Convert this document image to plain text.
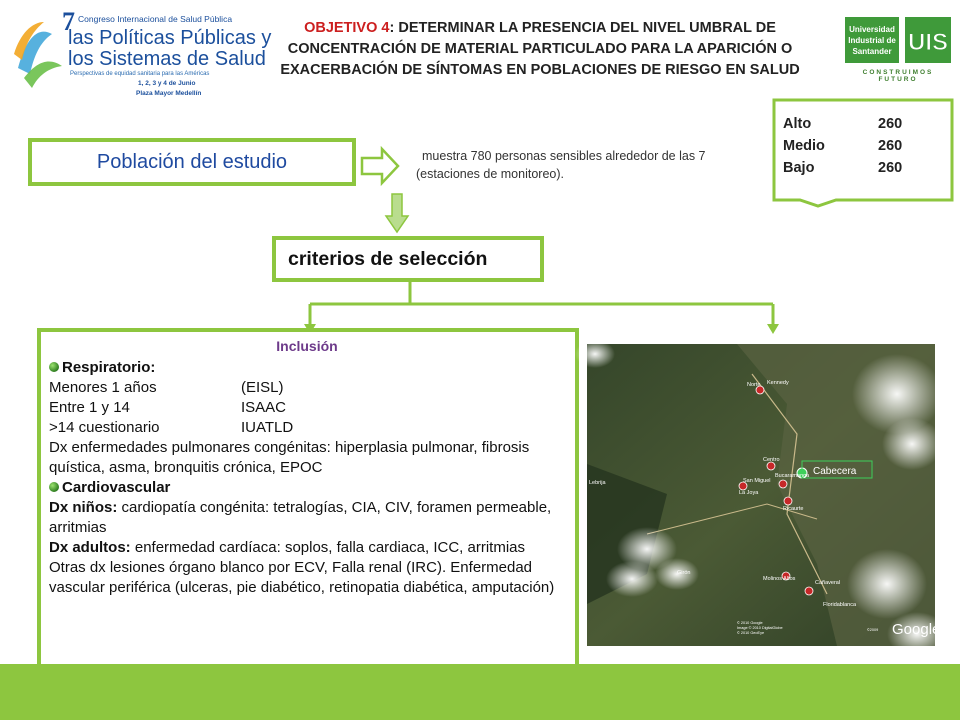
7 Congreso Internacional de Salud Pública
las Políticas Públicas y
los Sistemas de Salud
Perspectivas de equidad sanitaria para las Américas
1, 2, 3 y 4 de Junio
Plaza Mayor Medellín
OBJETIVO 4: DETERMINAR LA PRESENCIA DEL NIVEL UMBRAL DE
CONCENTRACIÓN DE MATERIAL PARTICULADO PARA LA APARICIÓN O
EXACERBACIÓN DE SÍNTOMAS EN POBLACIONES DE RIESGO EN SALUD
Universidad
Industrial de
Santander UIS
CONSTRUIMOS FUTURO
Población del estudio	muestra 780 personas sensibles alrededor de las 7
(estaciones de monitoreo).
Alto	260
Medio	260
Bajo	260
criterios de selección
Inclusión
Respiratorio:
Menores 1 años	(EISL)
Entre 1 y 14	ISAAC
>14 cuestionario	IUATLD
Dx enfermedades pulmonares congénitas: hiperplasia pulmonar, fibrosis quística, asma, bronquitis crónica, EPOC
Cardiovascular
Dx niños: cardiopatía congénita: tetralogías, CIA, CIV, foramen permeable, arritmias
Dx adultos: enfermedad cardíaca: soplos, falla cardiaca, ICC, arritmias
Otras dx lesiones órgano blanco por ECV, Falla renal (IRC). Enfermedad vascular periférica (ulceras, pie diabético, retinopatia diabética, amputación)
Cabecera
Norte Kennedy
Centro
Bucaramanga
San Miguel
La Joya
Ricaurte
Lebrija
Girón
Molinos Altos
Cañaveral
Floridablanca
© 2010 Google
Image © 2010 DigitalGlobe
© 2010 GeoEye
©2009 Google
